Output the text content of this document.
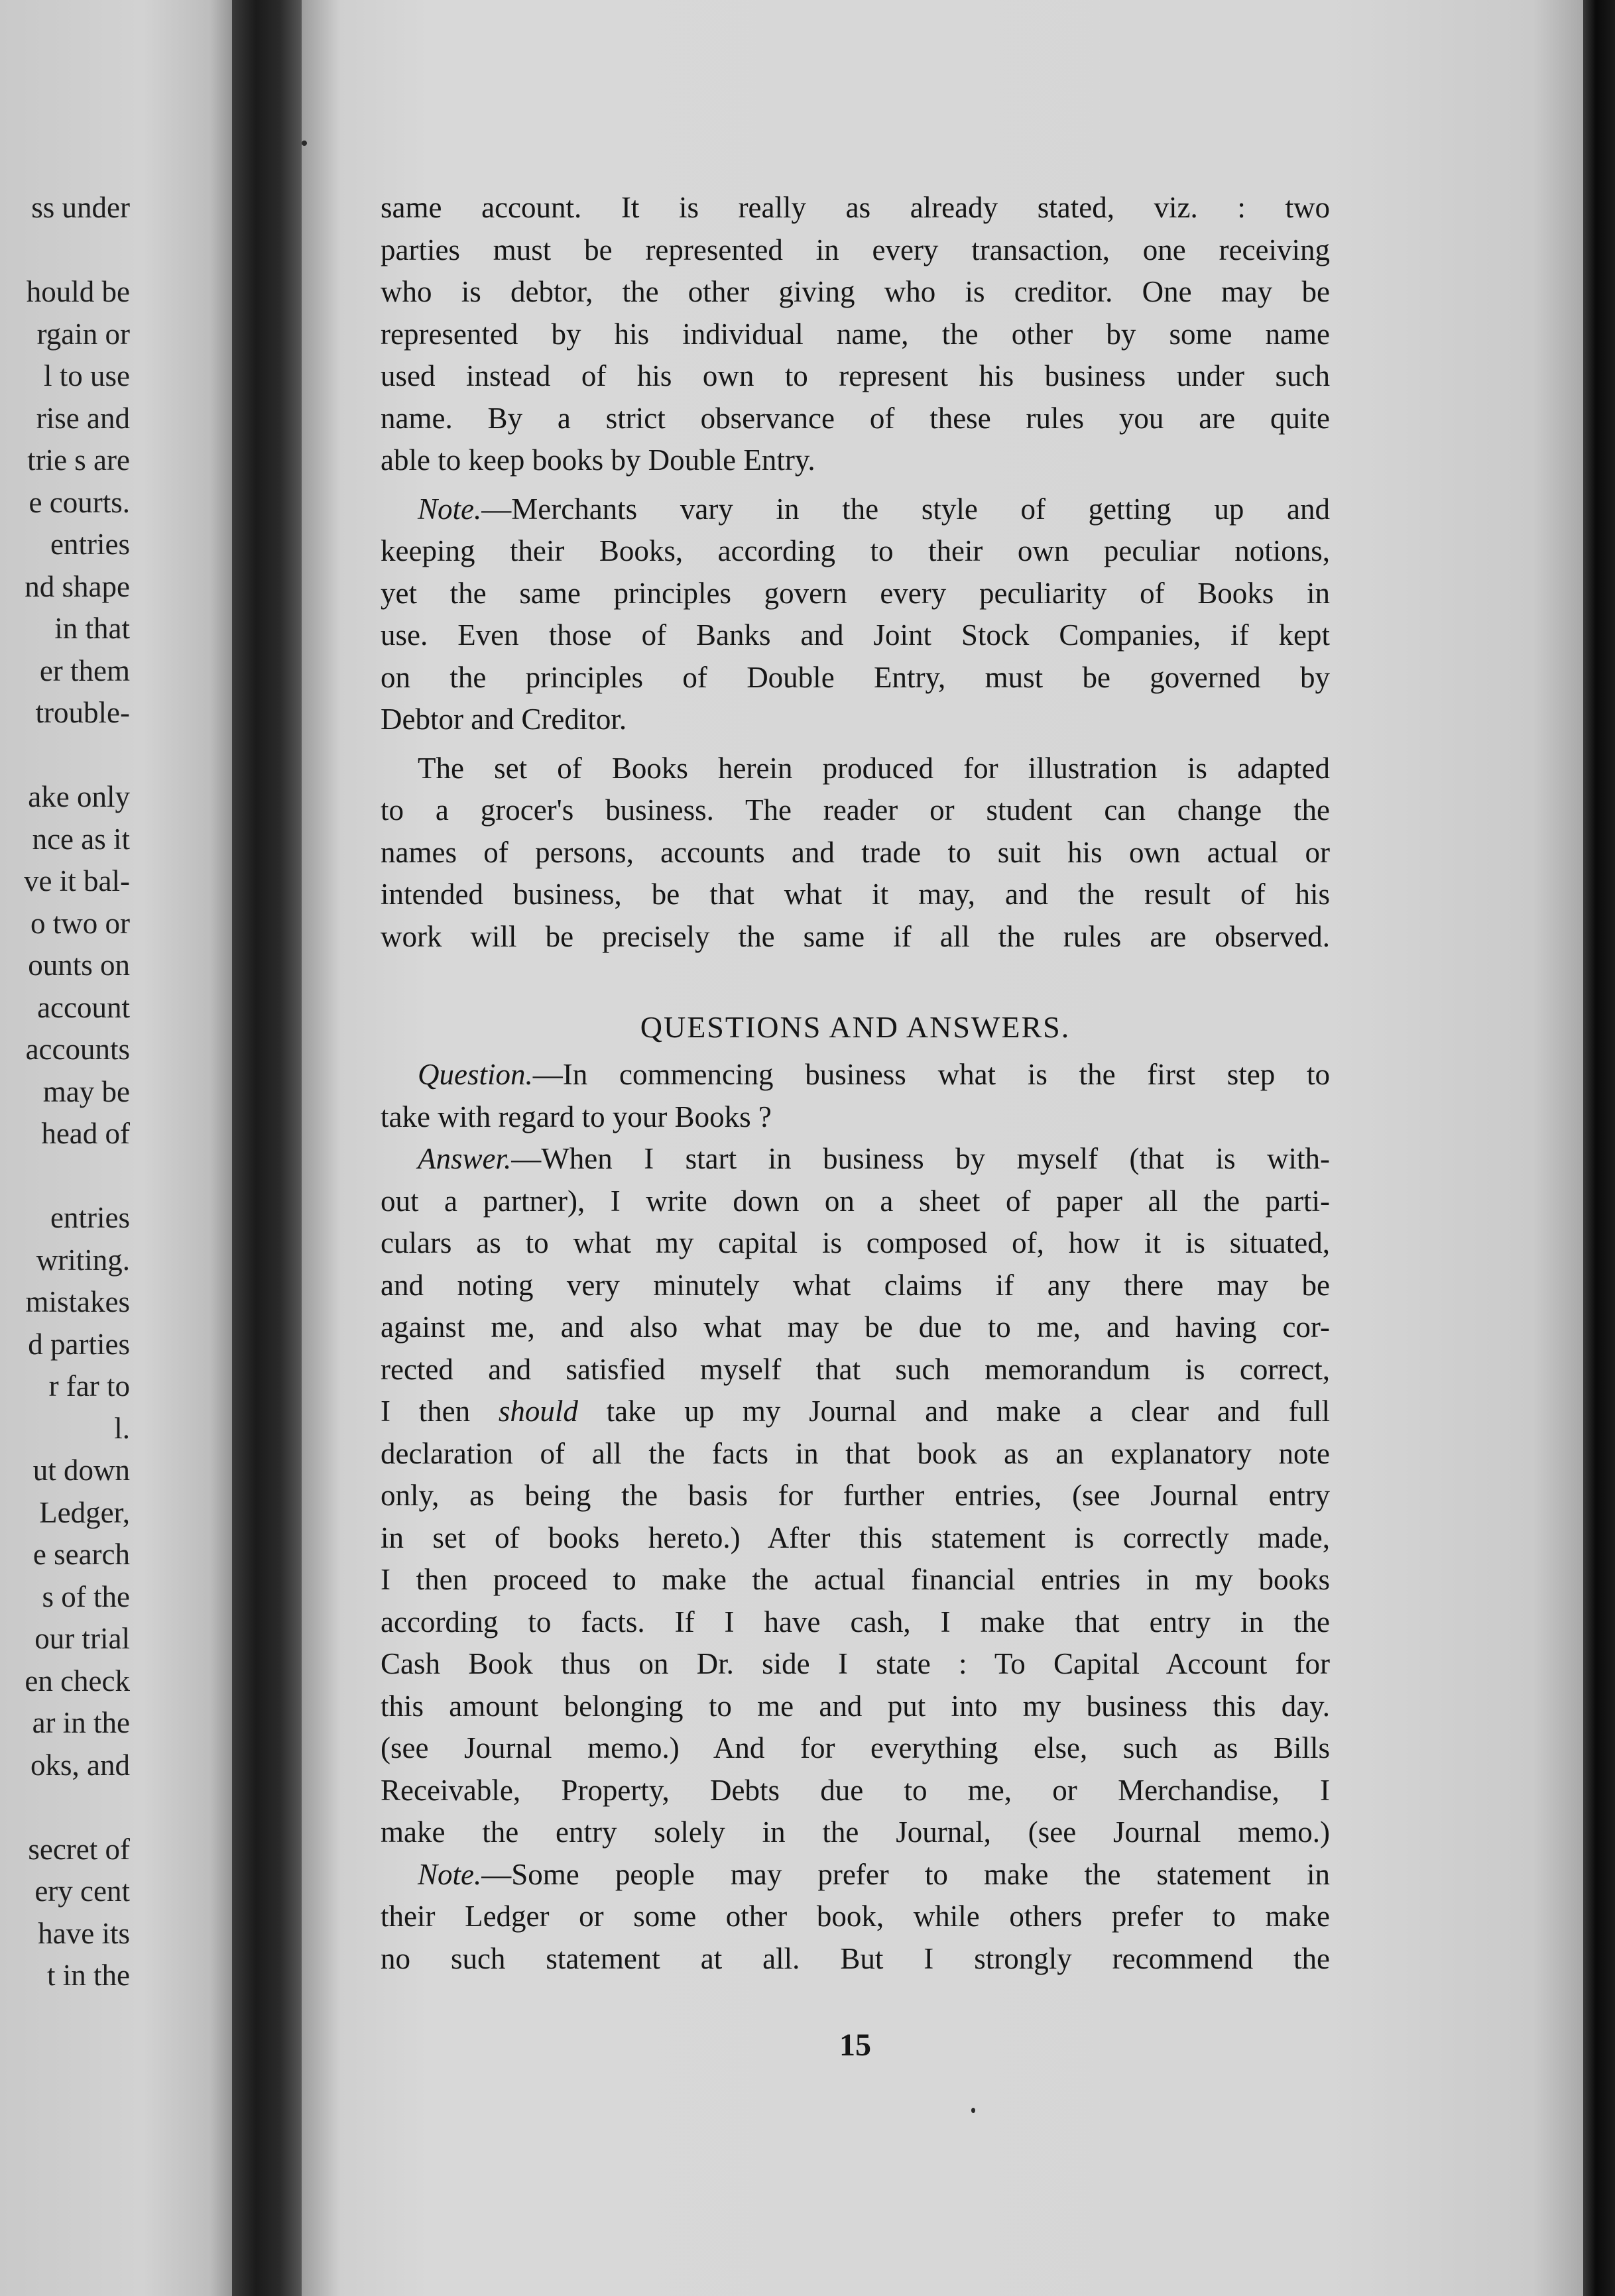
ss under
hould be
rgain or
l to use
rise and
trie s are
e courts.
entries
nd shape
in that
er them
trouble-
ake only
nce as it
ve it bal-
o two or
ounts on
account
accounts
may be
head of
entries
writing.
mistakes
d parties
r far to
l.
ut down
Ledger,
e search
s of the
our trial
en check
ar in the
oks, and
secret of
ery cent
have its
t in the
same account. It is really as already stated, viz. : two
parties must be represented in every transaction, one receiving
who is debtor, the other giving who is creditor. One may be
represented by his individual name, the other by some name
used instead of his own to represent his business under such
name. By a strict observance of these rules you are quite
able to keep books by Double Entry.
Note.—Merchants vary in the style of getting up and
keeping their Books, according to their own peculiar notions,
yet the same principles govern every peculiarity of Books in
use. Even those of Banks and Joint Stock Companies, if kept
on the principles of Double Entry, must be governed by
Debtor and Creditor.
The set of Books herein produced for illustration is adapted
to a grocer's business. The reader or student can change the
names of persons, accounts and trade to suit his own actual or
intended business, be that what it may, and the result of his
work will be precisely the same if all the rules are observed.
QUESTIONS AND ANSWERS.
Question.—In commencing business what is the first step to
take with regard to your Books ?
Answer.—When I start in business by myself (that is with-
out a partner), I write down on a sheet of paper all the parti-
culars as to what my capital is composed of, how it is situated,
and noting very minutely what claims if any there may be
against me, and also what may be due to me, and having cor-
rected and satisfied myself that such memorandum is correct,
I then should take up my Journal and make a clear and full
declaration of all the facts in that book as an explanatory note
only, as being the basis for further entries, (see Journal entry
in set of books hereto.) After this statement is correctly made,
I then proceed to make the actual financial entries in my books
according to facts. If I have cash, I make that entry in the
Cash Book thus on Dr. side I state : To Capital Account for
this amount belonging to me and put into my business this day.
(see Journal memo.) And for everything else, such as Bills
Receivable, Property, Debts due to me, or Merchandise, I
make the entry solely in the Journal, (see Journal memo.)
Note.—Some people may prefer to make the statement in
their Ledger or some other book, while others prefer to make
no such statement at all. But I strongly recommend the
15
